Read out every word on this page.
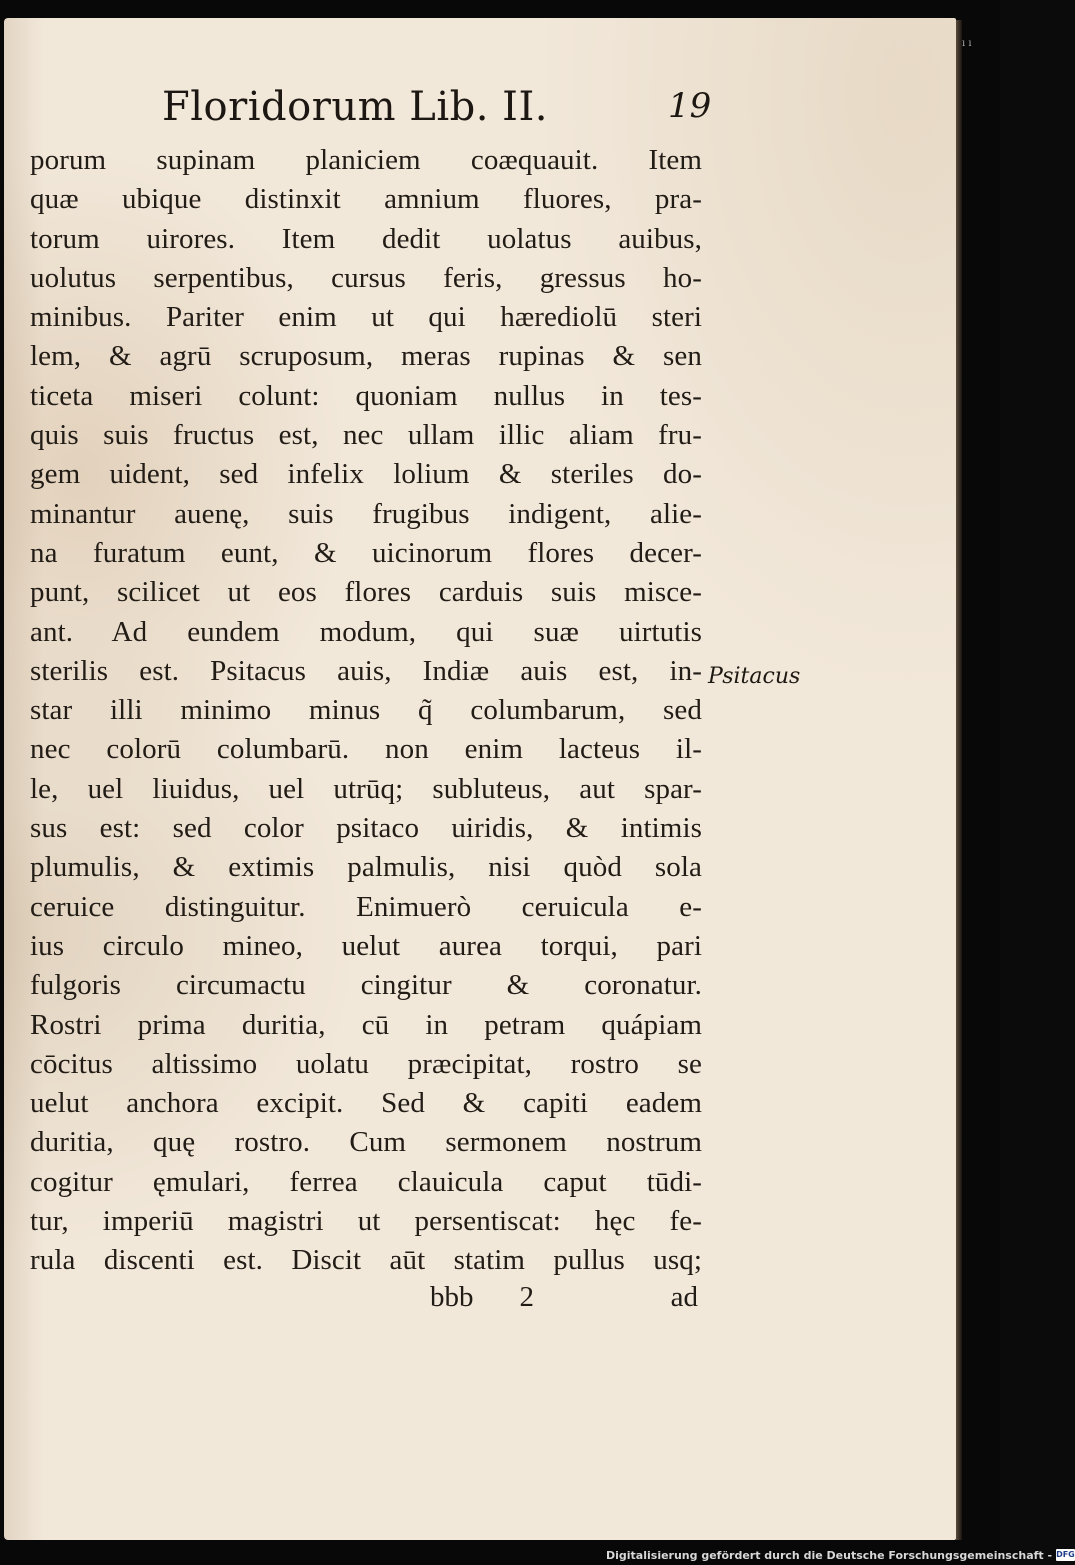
ı ı
Floridorum Lib. II.	19
porum supinam planiciem coæquauit. Item
quæ ubique distinxit amnium fluores, pra-
torum uirores. Item dedit uolatus auibus,
uolutus serpentibus, cursus feris, gressus ho-
minibus. Pariter enim ut qui hærediolū steri
lem, & agrū scruposum, meras rupinas & sen
ticeta miseri colunt: quoniam nullus in tes-
quis suis fructus est, nec ullam illic aliam fru-
gem uident, sed infelix lolium & steriles do-
minantur auenę, suis frugibus indigent, alie-
na furatum eunt, & uicinorum flores decer-
punt, scilicet ut eos flores carduis suis misce-
ant. Ad eundem modum, qui suæ uirtutis
sterilis est. Psitacus auis, Indiæ auis est, in-
star illi minimo minus q̃ columbarum, sed
nec colorū columbarū. non enim lacteus il-
le, uel liuidus, uel utrūq; subluteus, aut spar-
sus est: sed color psitaco uiridis, & intimis
plumulis, & extimis palmulis, nisi quòd sola
ceruice distinguitur. Enimuerò ceruicula e-
ius circulo mineo, uelut aurea torqui, pari
fulgoris circumactu cingitur & coronatur.
Rostri prima duritia, cū in petram quápiam
cōcitus altissimo uolatu præcipitat, rostro se
uelut anchora excipit. Sed & capiti eadem
duritia, quę rostro. Cum sermonem nostrum
cogitur ęmulari, ferrea clauicula caput tūdi-
tur, imperiū magistri ut persentiscat: hęc fe-
rula discenti est. Discit aūt statim pullus usq;
Psitacus
bbb 2	ad
Digitalisierung gefördert durch die Deutsche Forschungsgemeinschaft - DFG
